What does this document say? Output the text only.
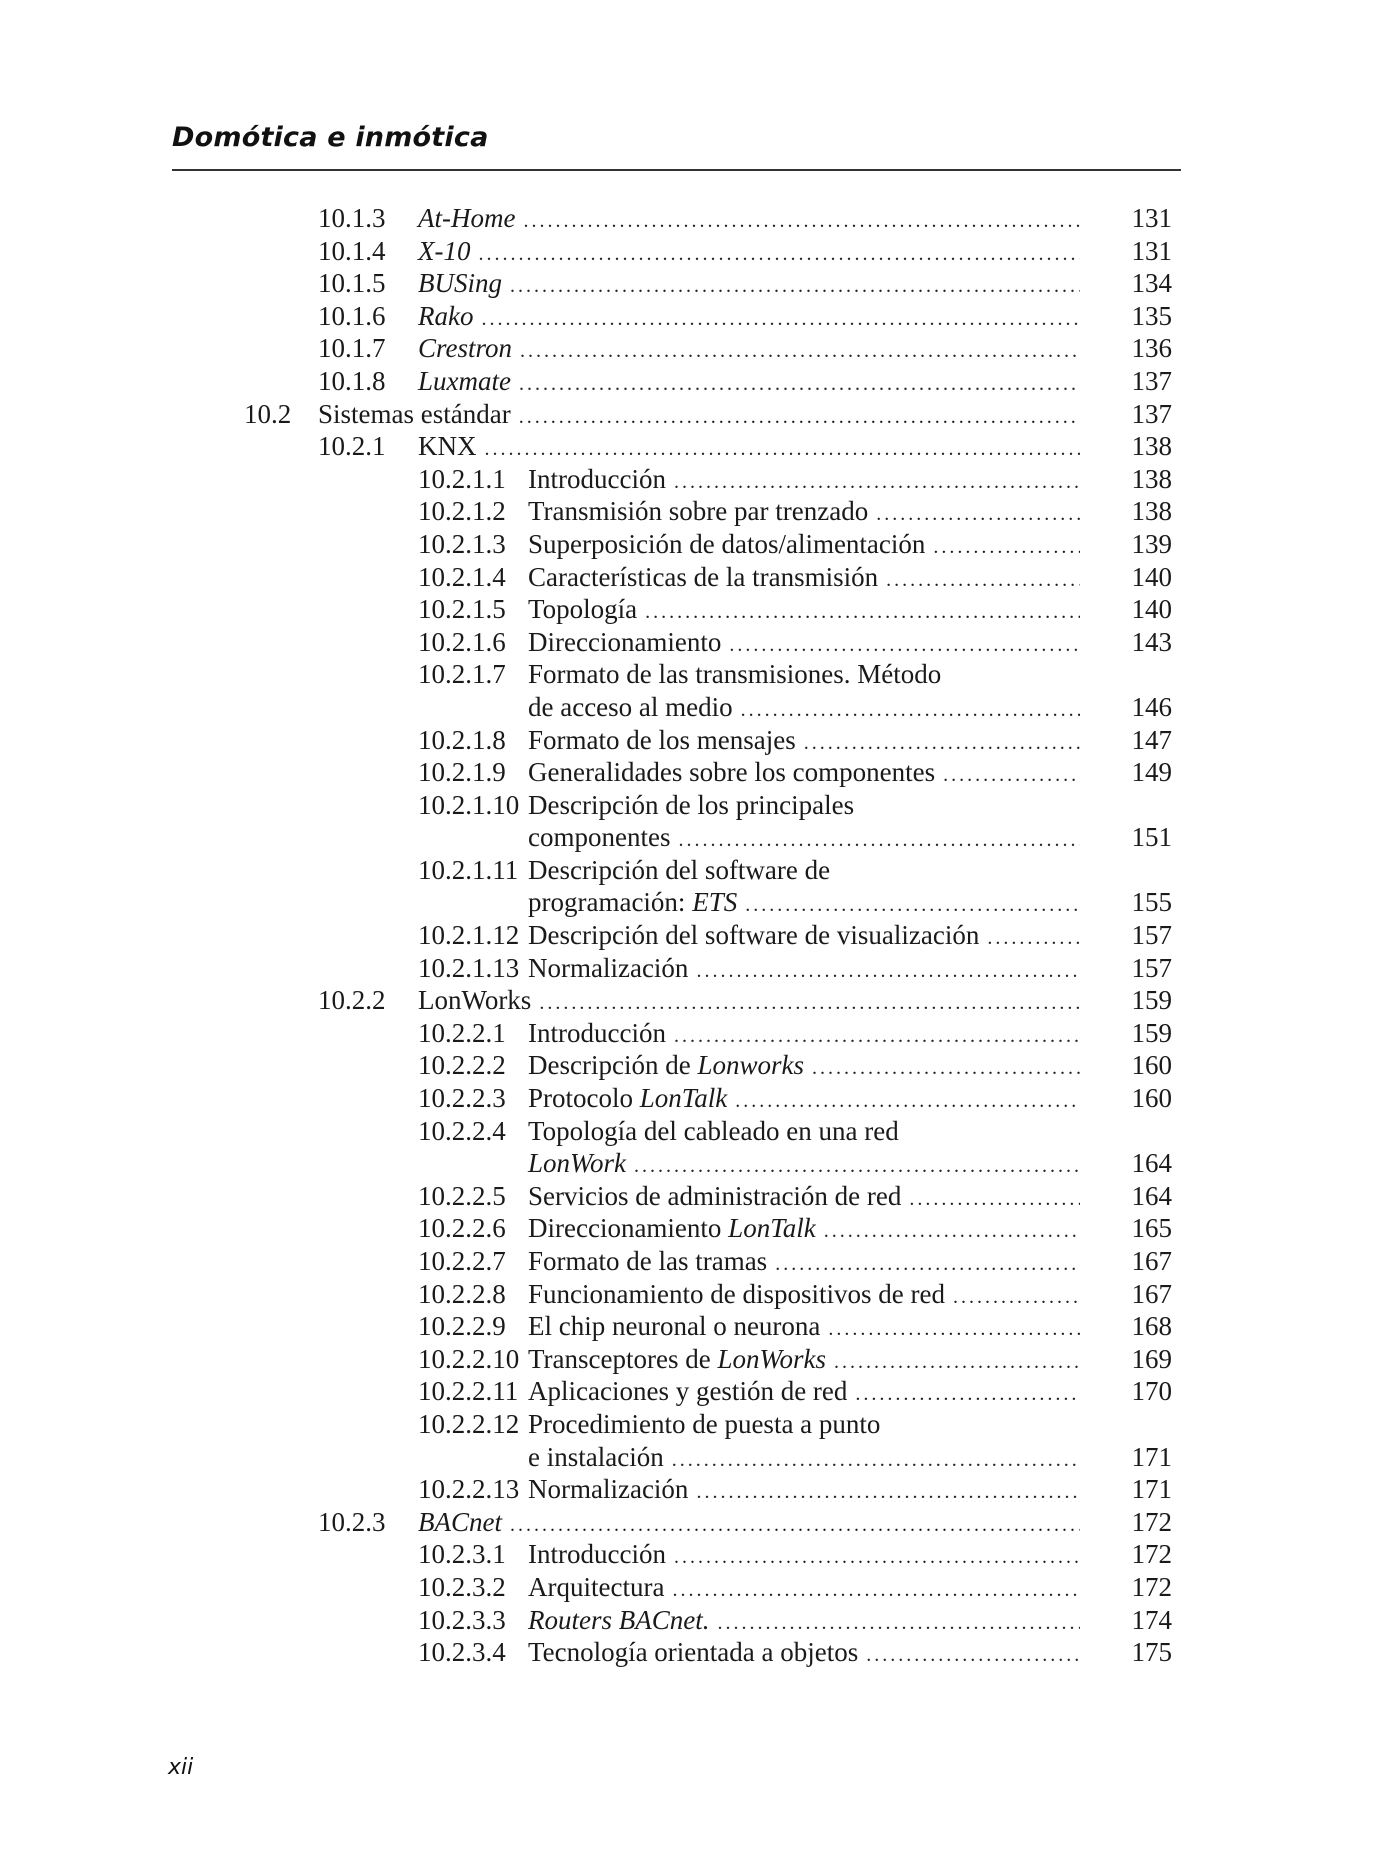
Domótica e inmótica
10.1.3 At-Home . . .	131
10.1.4 X-10 . . .	131
10.1.5 BUSing . . .	134
10.1.6 Rako . . .	135
10.1.7 Crestron . . .	136
10.1.8 Luxmate . . .	137
10.2 Sistemas estándar . . .	137
10.2.1 KNX . . .	138
10.2.1.1 Introducción . . .	138
10.2.1.2 Transmisión sobre par trenzado . . .	138
10.2.1.3 Superposición de datos/alimentación . . .	139
10.2.1.4 Características de la transmisión . . .	140
10.2.1.5 Topología . . .	140
10.2.1.6 Direccionamiento . . .	143
10.2.1.7 Formato de las transmisiones. Método
de acceso al medio . . .	146
10.2.1.8 Formato de los mensajes . . .	147
10.2.1.9 Generalidades sobre los componentes . . .	149
10.2.1.10 Descripción de los principales
componentes . . .	151
10.2.1.11 Descripción del software de
programación: ETS . . .	155
10.2.1.12 Descripción del software de visualización . . .	157
10.2.1.13 Normalización . . .	157
10.2.2 LonWorks . . .	159
10.2.2.1 Introducción . . .	159
10.2.2.2 Descripción de Lonworks . . .	160
10.2.2.3 Protocolo LonTalk . . .	160
10.2.2.4 Topología del cableado en una red
LonWork . . .	164
10.2.2.5 Servicios de administración de red . . .	164
10.2.2.6 Direccionamiento LonTalk . . .	165
10.2.2.7 Formato de las tramas . . .	167
10.2.2.8 Funcionamiento de dispositivos de red . . .	167
10.2.2.9 El chip neuronal o neurona . . .	168
10.2.2.10 Transceptores de LonWorks . . .	169
10.2.2.11 Aplicaciones y gestión de red . . .	170
10.2.2.12 Procedimiento de puesta a punto
e instalación . . .	171
10.2.2.13 Normalización . . .	171
10.2.3 BACnet . . .	172
10.2.3.1 Introducción . . .	172
10.2.3.2 Arquitectura . . .	172
10.2.3.3 Routers BACnet. . . .	174
10.2.3.4 Tecnología orientada a objetos . . .	175
xii
